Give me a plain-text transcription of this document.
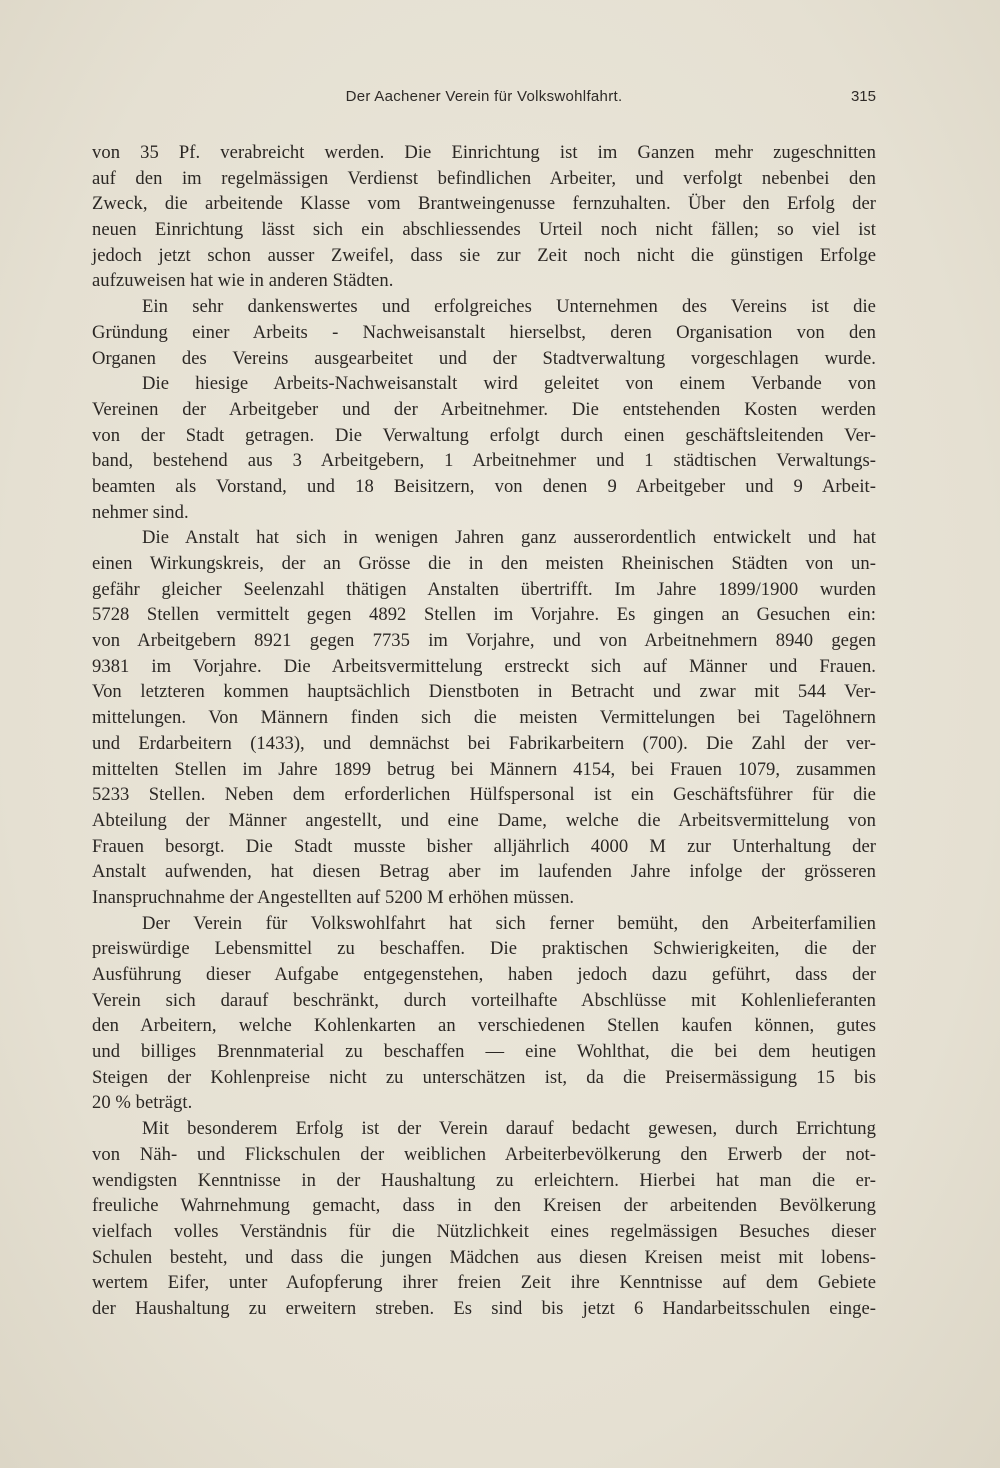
Der Aachener Verein für Volkswohlfahrt.	315
von 35 Pf. verabreicht werden. Die Einrichtung ist im Ganzen mehr zugeschnitten
auf den im regelmässigen Verdienst befindlichen Arbeiter, und verfolgt nebenbei den
Zweck, die arbeitende Klasse vom Brantweingenusse fernzuhalten. Über den Erfolg der
neuen Einrichtung lässt sich ein abschliessendes Urteil noch nicht fällen; so viel ist
jedoch jetzt schon ausser Zweifel, dass sie zur Zeit noch nicht die günstigen Erfolge
aufzuweisen hat wie in anderen Städten.
Ein sehr dankenswertes und erfolgreiches Unternehmen des Vereins ist die
Gründung einer Arbeits - Nachweisanstalt hierselbst, deren Organisation von den
Organen des Vereins ausgearbeitet und der Stadtverwaltung vorgeschlagen wurde.
Die hiesige Arbeits-Nachweisanstalt wird geleitet von einem Verbande von
Vereinen der Arbeitgeber und der Arbeitnehmer. Die entstehenden Kosten werden
von der Stadt getragen. Die Verwaltung erfolgt durch einen geschäftsleitenden Ver-
band, bestehend aus 3 Arbeitgebern, 1 Arbeitnehmer und 1 städtischen Verwaltungs-
beamten als Vorstand, und 18 Beisitzern, von denen 9 Arbeitgeber und 9 Arbeit-
nehmer sind.
Die Anstalt hat sich in wenigen Jahren ganz ausserordentlich entwickelt und hat
einen Wirkungskreis, der an Grösse die in den meisten Rheinischen Städten von un-
gefähr gleicher Seelenzahl thätigen Anstalten übertrifft. Im Jahre 1899/1900 wurden
5728 Stellen vermittelt gegen 4892 Stellen im Vorjahre. Es gingen an Gesuchen ein:
von Arbeitgebern 8921 gegen 7735 im Vorjahre, und von Arbeitnehmern 8940 gegen
9381 im Vorjahre. Die Arbeitsvermittelung erstreckt sich auf Männer und Frauen.
Von letzteren kommen hauptsächlich Dienstboten in Betracht und zwar mit 544 Ver-
mittelungen. Von Männern finden sich die meisten Vermittelungen bei Tagelöhnern
und Erdarbeitern (1433), und demnächst bei Fabrikarbeitern (700). Die Zahl der ver-
mittelten Stellen im Jahre 1899 betrug bei Männern 4154, bei Frauen 1079, zusammen
5233 Stellen. Neben dem erforderlichen Hülfspersonal ist ein Geschäftsführer für die
Abteilung der Männer angestellt, und eine Dame, welche die Arbeitsvermittelung von
Frauen besorgt. Die Stadt musste bisher alljährlich 4000 M zur Unterhaltung der
Anstalt aufwenden, hat diesen Betrag aber im laufenden Jahre infolge der grösseren
Inanspruchnahme der Angestellten auf 5200 M erhöhen müssen.
Der Verein für Volkswohlfahrt hat sich ferner bemüht, den Arbeiterfamilien
preiswürdige Lebensmittel zu beschaffen. Die praktischen Schwierigkeiten, die der
Ausführung dieser Aufgabe entgegenstehen, haben jedoch dazu geführt, dass der
Verein sich darauf beschränkt, durch vorteilhafte Abschlüsse mit Kohlenlieferanten
den Arbeitern, welche Kohlenkarten an verschiedenen Stellen kaufen können, gutes
und billiges Brennmaterial zu beschaffen — eine Wohlthat, die bei dem heutigen
Steigen der Kohlenpreise nicht zu unterschätzen ist, da die Preisermässigung 15 bis
20 % beträgt.
Mit besonderem Erfolg ist der Verein darauf bedacht gewesen, durch Errichtung
von Näh- und Flickschulen der weiblichen Arbeiterbevölkerung den Erwerb der not-
wendigsten Kenntnisse in der Haushaltung zu erleichtern. Hierbei hat man die er-
freuliche Wahrnehmung gemacht, dass in den Kreisen der arbeitenden Bevölkerung
vielfach volles Verständnis für die Nützlichkeit eines regelmässigen Besuches dieser
Schulen besteht, und dass die jungen Mädchen aus diesen Kreisen meist mit lobens-
wertem Eifer, unter Aufopferung ihrer freien Zeit ihre Kenntnisse auf dem Gebiete
der Haushaltung zu erweitern streben. Es sind bis jetzt 6 Handarbeitsschulen einge-
